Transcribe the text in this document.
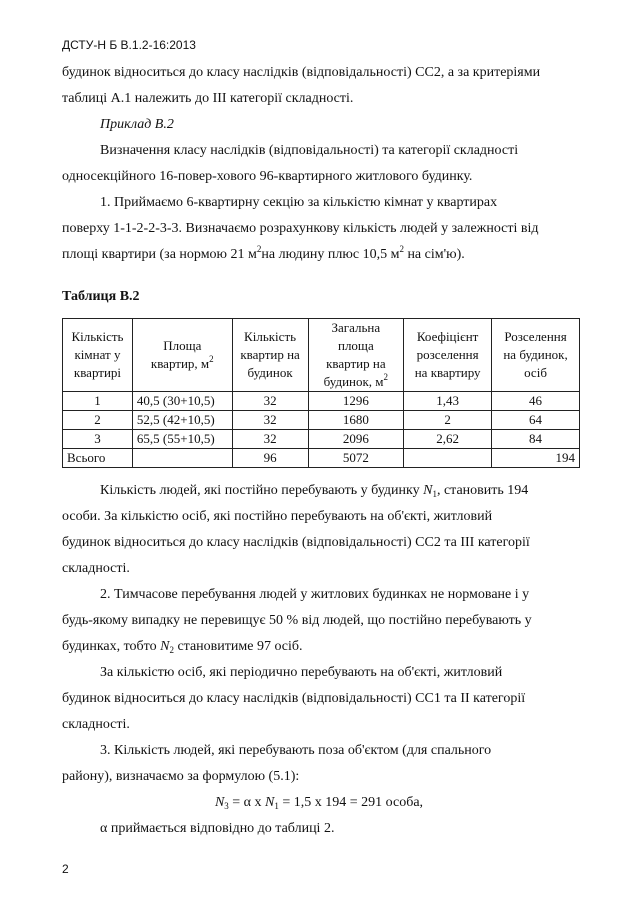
ДСТУ-Н Б В.1.2-16:2013

будинок відноситься до класу наслідків (відповідальності) СС2, а за критеріями

таблиці А.1 належить до ІІІ категорії складності.

Приклад В.2

Визначення класу наслідків (відповідальності) та категорії складності

односекційного 16-повер-хового 96-квартирного житлового будинку.

1. Приймаємо 6-квартирну секцію за кількістю кімнат у квартирах

поверху 1-1-2-2-3-3. Визначаємо розрахункову кількість людей у залежності від

площі квартири (за нормою 21 $м^2на$ людину плюс 10,5 $м^2$ на сім'ю).

Таблиця В.2
Кількість
кімнат у
квартирі	Площа
квартир, $м^2$	Кількість
квартир на
будинок	Загальна
площа
квартир на
будинок, $м^2$	Коефіцієнт
розселення
на квартиру	Розселення
на будинок,
осіб
1	40,5 (30+10,5)	32	1296	1,43	46
2	52,5 (42+10,5)	32	1680	2	64
3	65,5 (55+10,5)	32	2096	2,62	84
Всього		96	5072		194

Кількість людей, які постійно перебувають у будинку $N_1$, становить 194

особи. За кількістю осіб, які постійно перебувають на об'єкті, житловий

будинок відноситься до класу наслідків (відповідальності) СС2 та ІІІ категорії

складності.

2. Тимчасове перебування людей у житлових будинках не нормоване і у

будь-якому випадку не перевищує 50 % від людей, що постійно перебувають у

будинках, тобто $N_2$ становитиме 97 осіб.

За кількістю осіб, які періодично перебувають на об'єкті, житловий

будинок відноситься до класу наслідків (відповідальності) СС1 та ІІ категорії

складності.

3. Кількість людей, які перебувають поза об'єктом (для спального

району), визначаємо за формулою (5.1):

$N_3 = \alpha$ х $N_1 = 1,5$ х 194 = 291 особа,

α приймається відповідно до таблиці 2.

2
